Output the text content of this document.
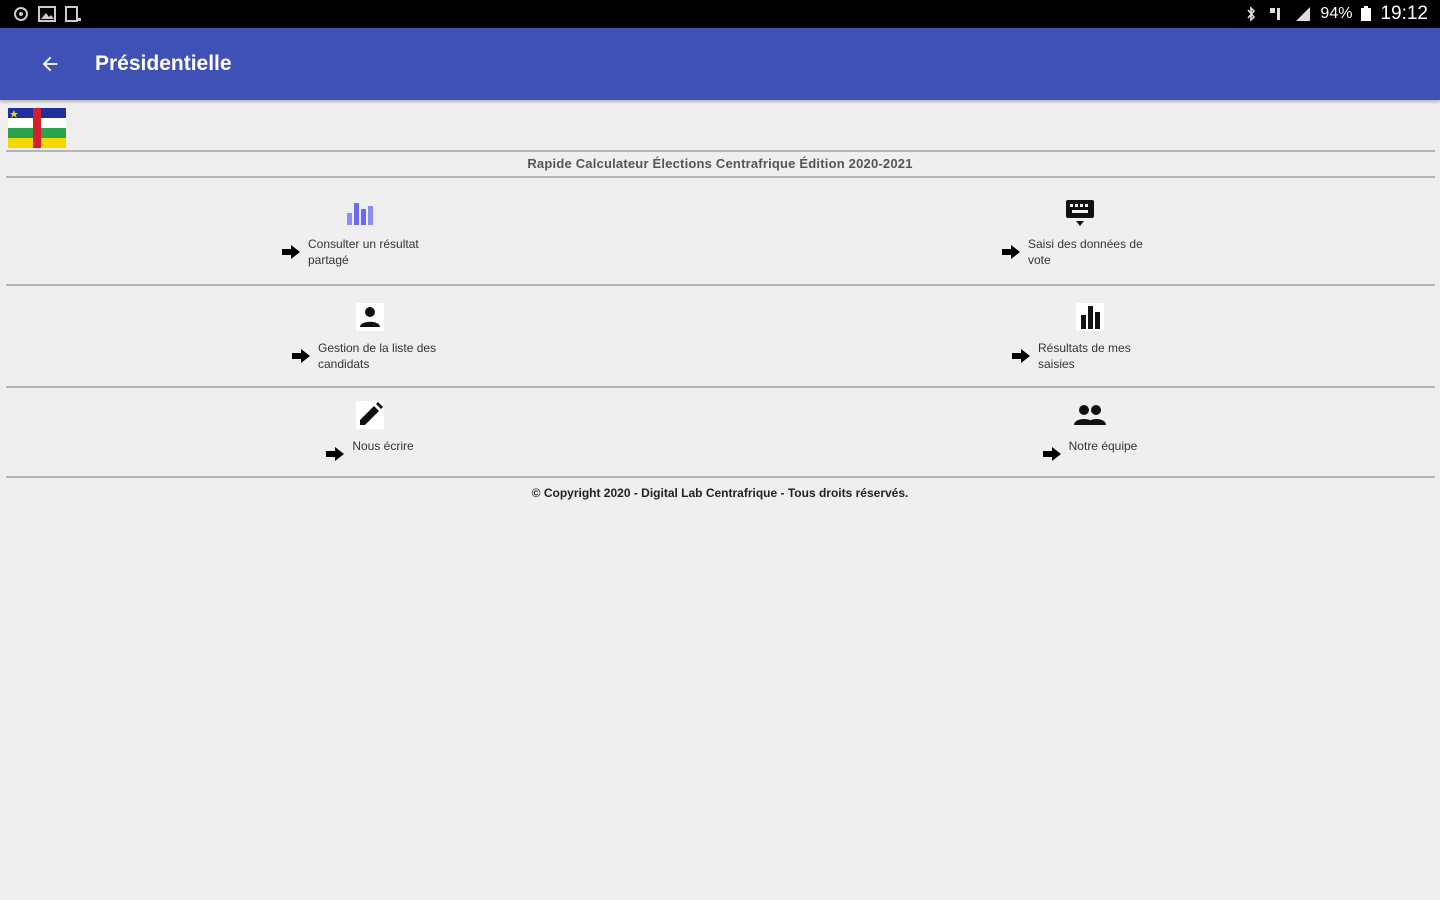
94% 19:12
Présidentielle
Rapide Calculateur Élections Centrafrique Édition 2020-2021
Consulter un résultat partagé
Saisi des données de vote
Gestion de la liste des candidats
Résultats de mes saisies
Nous écrire	Notre équipe
© Copyright 2020 - Digital Lab Centrafrique - Tous droits réservés.
